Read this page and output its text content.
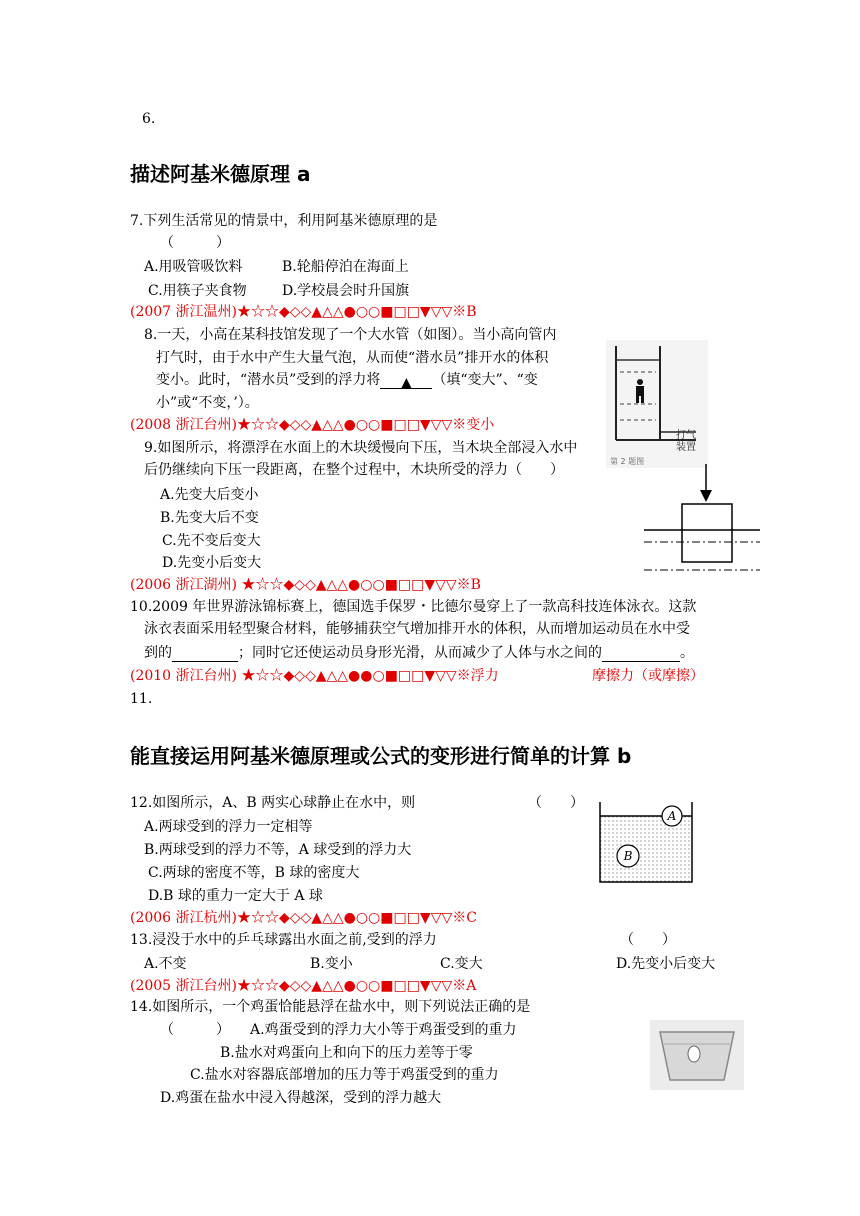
6.
描述阿基米德原理 a
7.下列生活常见的情景中，利用阿基米德原理的是
（　　　）
A.用吸管吸饮料	B.轮船停泊在海面上
C.用筷子夹食物	D.学校晨会时升国旗
(2007 浙江温州)★☆☆◆◇◇▲△△●○○■□□▼▽▽※B
8.一天，小高在某科技馆发现了一个大水管（如图）。当小高向管内
打气时，由于水中产生大量气泡，从而使“潜水员”排开水的体积
变小。此时，“潜水员”受到的浮力将 ▲ （填“变大”、“变
小”或“不变，’）。
(2008 浙江台州)★☆☆◆◇◇▲△△●○○■□□▼▽▽※变小
打气
装置
第 2 题图
9.如图所示，将漂浮在水面上的木块缓慢向下压，当木块全部浸入水中
后仍继续向下压一段距离，在整个过程中，木块所受的浮力（　　）
A.先变大后变小
B.先变大后不变
C.先不变后变大
D.先变小后变大
(2006 浙江湖州) ★☆☆◆◇◇▲△△●○○■□□▼▽▽※B
10.2009 年世界游泳锦标赛上，德国选手保罗・比德尔曼穿上了一款高科技连体泳衣。这款
泳衣表面采用轻型聚合材料，能够捕获空气增加排开水的体积，从而增加运动员在水中受
到的	；同时它还使运动员身形光滑，从而减少了人体与水之间的	。
(2010 浙江台州) ★☆☆◆◇◇▲△△●●○■□□▼▽▽※浮力	摩擦力（或摩擦）
11.
能直接运用阿基米德原理或公式的变形进行简单的计算 b
12.如图所示，A、B 两实心球静止在水中，则	（　　）
A.两球受到的浮力一定相等
B.两球受到的浮力不等，A 球受到的浮力大
C.两球的密度不等，B 球的密度大
D.B 球的重力一定大于 A 球
(2006 浙江杭州)★☆☆◆◇◇▲△△●○○■□□▼▽▽※C
A
B
13.浸没于水中的乒乓球露出水面之前,受到的浮力	（　　）
A.不变	B.变小	C.变大	D.先变小后变大
(2005 浙江台州)★☆☆◆◇◇▲△△●○○■□□▼▽▽※A
14.如图所示，一个鸡蛋恰能悬浮在盐水中，则下列说法正确的是
（　　　） A.鸡蛋受到的浮力大小等于鸡蛋受到的重力
B.盐水对鸡蛋向上和向下的压力差等于零
C.盐水对容器底部增加的压力等于鸡蛋受到的重力
D.鸡蛋在盐水中浸入得越深，受到的浮力越大
